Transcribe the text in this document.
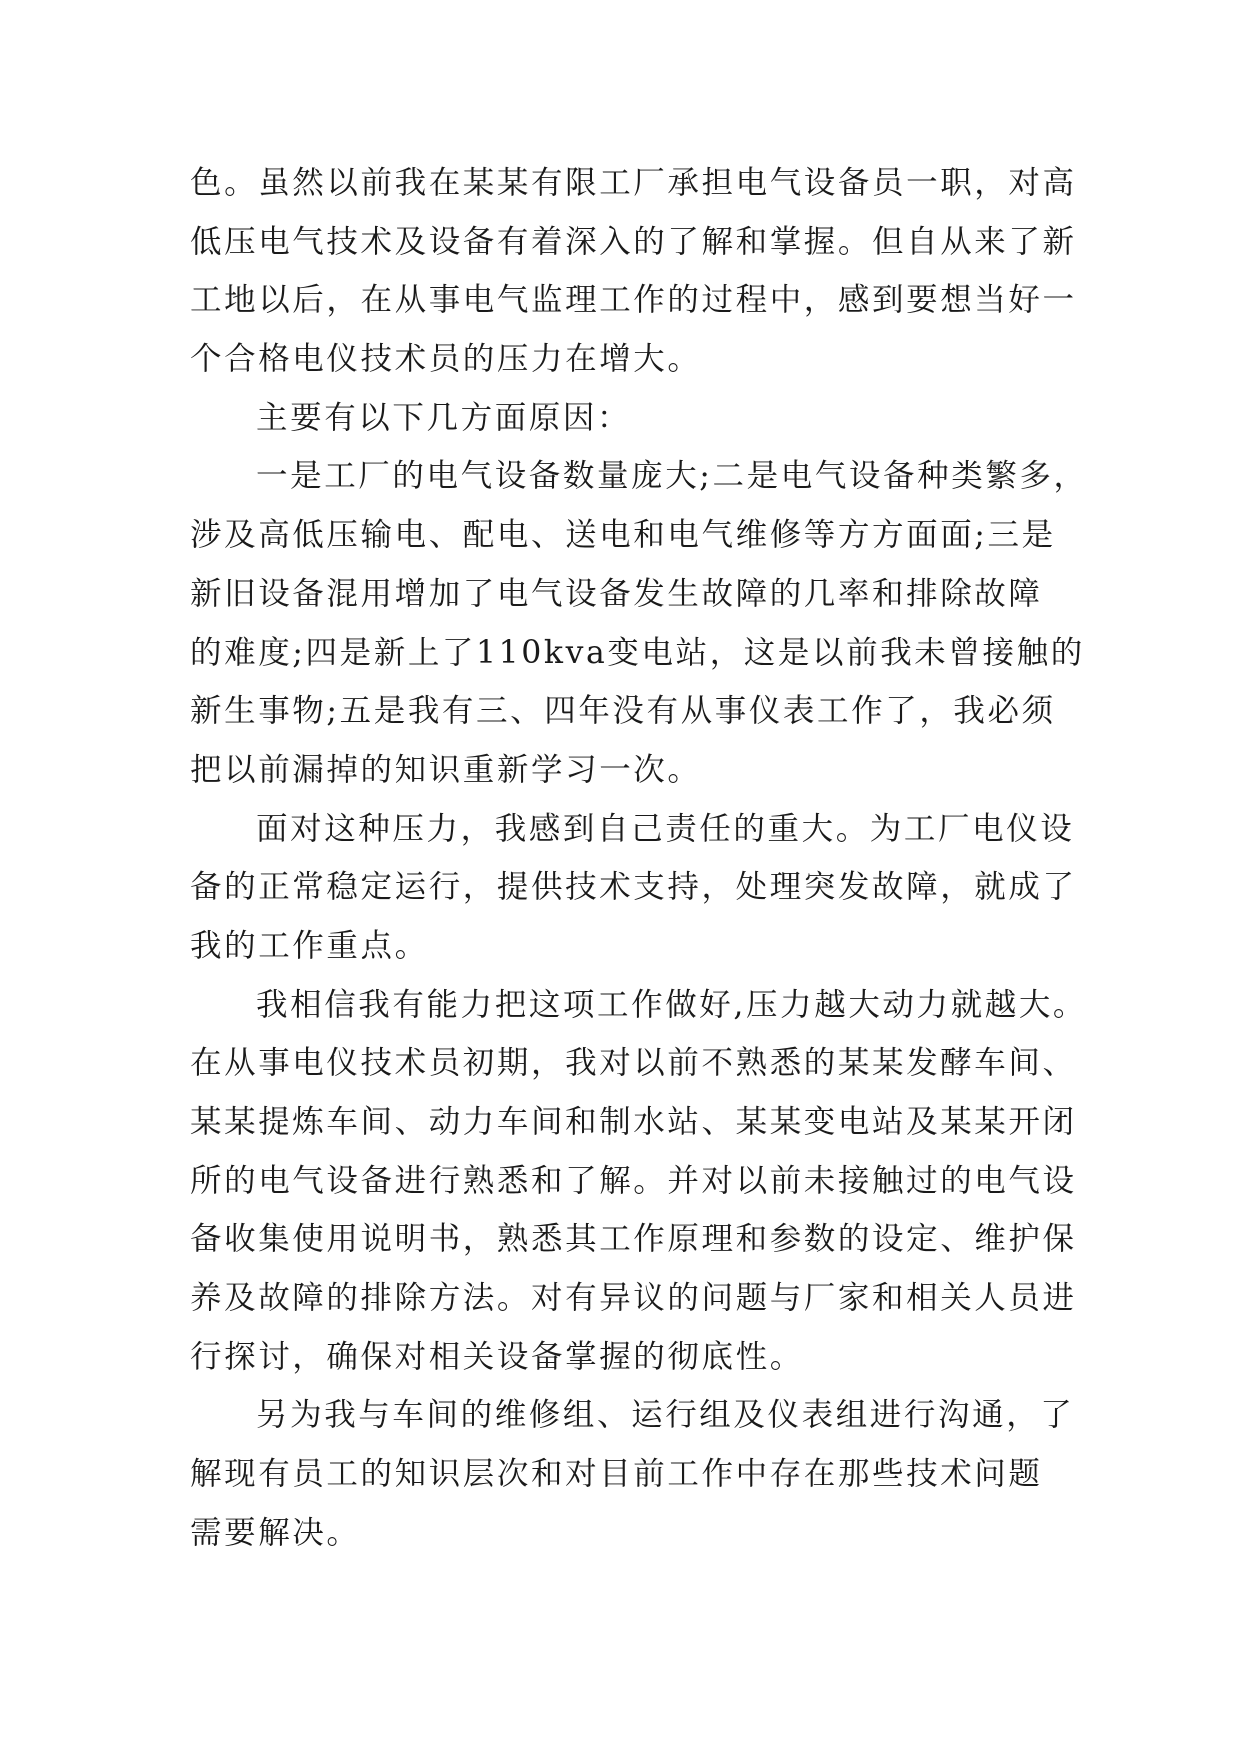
色。虽然以前我在某某有限工厂承担电气设备员一职，对高
低压电气技术及设备有着深入的了解和掌握。但自从来了新
工地以后，在从事电气监理工作的过程中，感到要想当好一
个合格电仪技术员的压力在增大。
主要有以下几方面原因：
一是工厂的电气设备数量庞大;二是电气设备种类繁多，
涉及高低压输电、配电、送电和电气维修等方方面面;三是
新旧设备混用增加了电气设备发生故障的几率和排除故障
的难度;四是新上了110kva变电站，这是以前我未曾接触的
新生事物;五是我有三、四年没有从事仪表工作了，我必须
把以前漏掉的知识重新学习一次。
面对这种压力，我感到自己责任的重大。为工厂电仪设
备的正常稳定运行，提供技术支持，处理突发故障，就成了
我的工作重点。
我相信我有能力把这项工作做好,压力越大动力就越大。
在从事电仪技术员初期，我对以前不熟悉的某某发酵车间、
某某提炼车间、动力车间和制水站、某某变电站及某某开闭
所的电气设备进行熟悉和了解。并对以前未接触过的电气设
备收集使用说明书，熟悉其工作原理和参数的设定、维护保
养及故障的排除方法。对有异议的问题与厂家和相关人员进
行探讨，确保对相关设备掌握的彻底性。
另为我与车间的维修组、运行组及仪表组进行沟通，了
解现有员工的知识层次和对目前工作中存在那些技术问题
需要解决。
